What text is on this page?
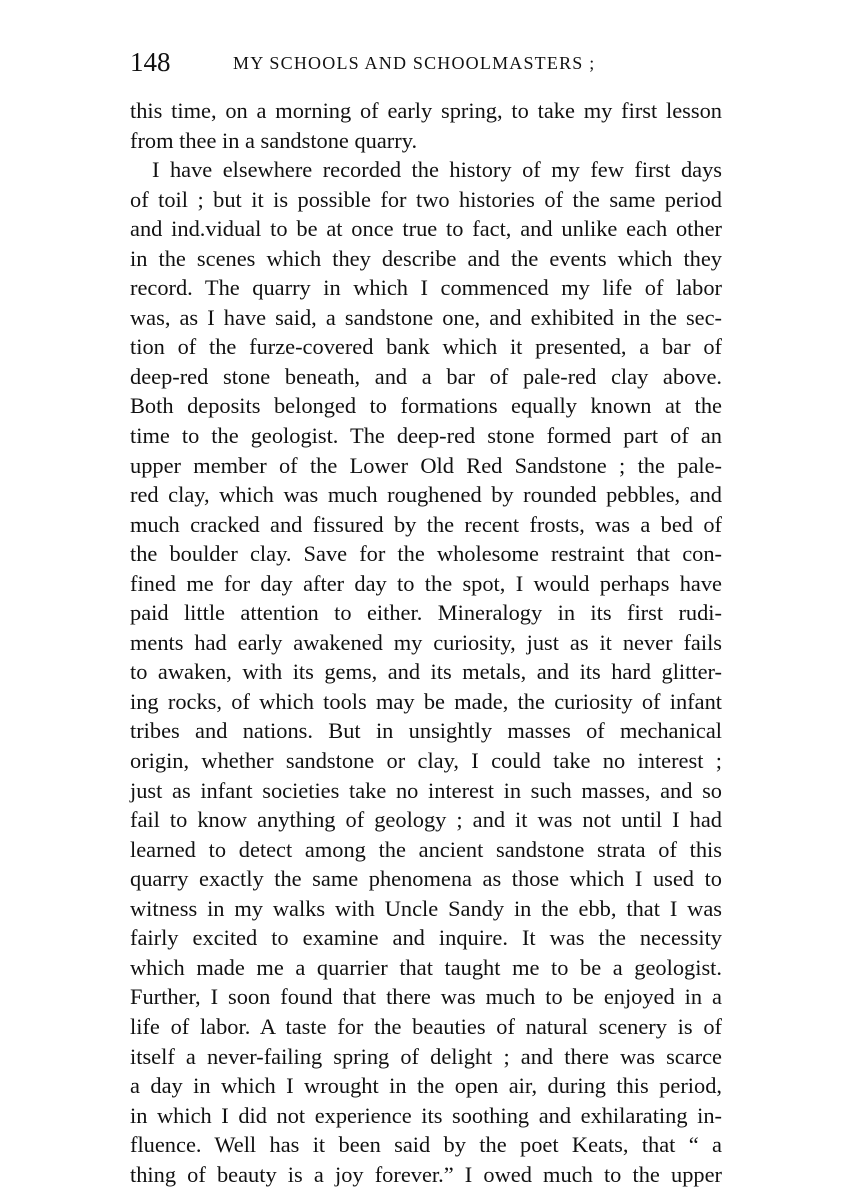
148	MY SCHOOLS AND SCHOOLMASTERS ;
this time, on a morning of early spring, to take my first lesson
from thee in a sandstone quarry.
I have elsewhere recorded the history of my few first days
of toil ; but it is possible for two histories of the same period
and ind.vidual to be at once true to fact, and unlike each other
in the scenes which they describe and the events which they
record. The quarry in which I commenced my life of labor
was, as I have said, a sandstone one, and exhibited in the sec-
tion of the furze-covered bank which it presented, a bar of
deep-red stone beneath, and a bar of pale-red clay above.
Both deposits belonged to formations equally known at the
time to the geologist. The deep-red stone formed part of an
upper member of the Lower Old Red Sandstone ; the pale-
red clay, which was much roughened by rounded pebbles, and
much cracked and fissured by the recent frosts, was a bed of
the boulder clay. Save for the wholesome restraint that con-
fined me for day after day to the spot, I would perhaps have
paid little attention to either. Mineralogy in its first rudi-
ments had early awakened my curiosity, just as it never fails
to awaken, with its gems, and its metals, and its hard glitter-
ing rocks, of which tools may be made, the curiosity of infant
tribes and nations. But in unsightly masses of mechanical
origin, whether sandstone or clay, I could take no interest ;
just as infant societies take no interest in such masses, and so
fail to know anything of geology ; and it was not until I had
learned to detect among the ancient sandstone strata of this
quarry exactly the same phenomena as those which I used to
witness in my walks with Uncle Sandy in the ebb, that I was
fairly excited to examine and inquire. It was the necessity
which made me a quarrier that taught me to be a geologist.
Further, I soon found that there was much to be enjoyed in a
life of labor. A taste for the beauties of natural scenery is of
itself a never-failing spring of delight ; and there was scarce
a day in which I wrought in the open air, during this period,
in which I did not experience its soothing and exhilarating in-
fluence. Well has it been said by the poet Keats, that “ a
thing of beauty is a joy forever.” I owed much to the upper
